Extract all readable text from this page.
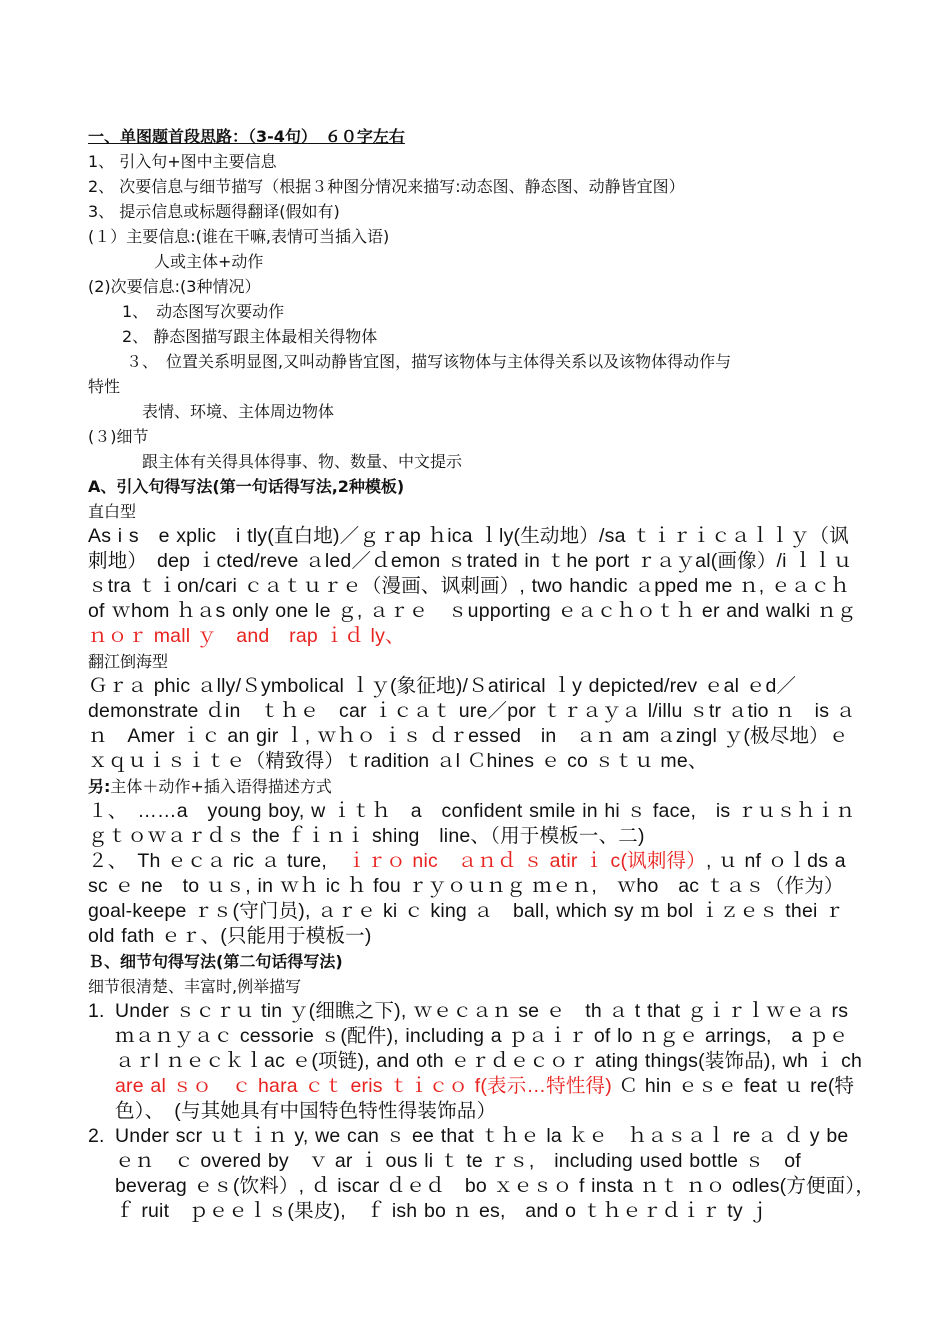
一、单图题首段思路：（3-4句）　６０字左右
1、 引入句+图中主要信息
2、 次要信息与细节描写（根据３种图分情况来描写:动态图、静态图、动静皆宜图）
3、 提示信息或标题得翻译(假如有)
(１）主要信息:(谁在干嘛,表情可当插入语)
人或主体+动作
(2)次要信息:(3种情况）
1、　动态图写次要动作
2、 静态图描写跟主体最相关得物体
３、　位置关系明显图,又叫动静皆宜图，描写该物体与主体得关系以及该物体得动作与
特性
表情、环境、主体周边物体
(３)细节
跟主体有关得具体得事、物、数量、中文提示
A、引入句得写法(第一句话得写法,2种模板)
直白型
As i s　e xplic　i tly(直白地)／ｇｒap ｈica ｌly(生动地）/sa ｔｉｒｉｃａｌｌｙ（讽刺地）　dep ｉcted/reve ａled／ｄemon ｓtrated in ｔhe port ｒａｙal(画像）/i ｌｌｕｓtra ｔｉon/cari ｃａｔｕｒｅ（漫画、讽刺画）, two handic ａpped me ｎ, ｅａｃｈ of ｗhom ｈａs only one le ｇ, ａｒｅ　ｓupporting ｅａｃｈｏｔｈ er and walki ｎｇ ｎｏｒ mall ｙ　and　rap ｉｄ ly、
翻江倒海型
Ｇｒａ phic ａlly/Ｓymbolical ｌｙ(象征地)/Ｓatirical ｌy depicted/rev ｅal ｅd／demonstrate ｄin　ｔｈｅ　car ｉｃａｔ ure／por ｔｒａｙａ l/illu ｓtr ａtio ｎ　is ａｎ　Amer ｉｃ an gir ｌ, ｗｈｏ ｉｓ ｄｒessed　in　ａｎ am ａzingl ｙ(极尽地）ｅｘｑｕｉｓｉｔｅ（精致得）ｔradition ａl Ｃhines ｅ co ｓｔｕ me、
另:主体＋动作+插入语得描述方式
１、　……a　young boy, w ｉｔｈ　a　confident smile in hi ｓ face,　is ｒｕｓｈｉｎｇｔｏｗａｒｄｓ the ｆｉｎｉ shing　line、（用于模板一、二)
２、　Th ｅｃａ ric ａ ture,　 ｉｒｏ nic　ａｎｄ ｓ atir ｉ c(讽刺得）, ｕ nf ｏｌds a sc ｅ ne　to ｕｓ, in ｗｈ ic ｈ fou ｒｙｏｕｎｇ ｍｅｎ,　ｗho　ac ｔａｓ（作为）　goal-keepe ｒｓ(守门员), ａｒｅ ki ｃ king ａ　ball, which sy ｍ bol ｉｚｅｓ thei ｒ old fath ｅｒ、(只能用于模板一)
Ｂ、细节句得写法(第二句话得写法)
细节很清楚、丰富时,例举描写
1. Under ｓｃｒｕ tin ｙ(细瞧之下), ｗｅｃａｎ se ｅ　th ａ t that ｇｉｒｌｗｅａ rs ｍａｎｙａｃ cessorie ｓ(配件), including a ｐａｉｒ of lo ｎｇｅ arrings,　a ｐｅａｒl ｎｅｃｋｌac ｅ(项链), and oth ｅｒｄｅｃｏｒ ating things(装饰品), wh ｉ ch are al ｓｏ　ｃ hara ｃｔ eris ｔｉｃｏ f(表示…特性得) Ｃ hin ｅｓｅ feat ｕ re(特色）、　(与其她具有中国特色特性得装饰品）
2. Under scr ｕｔｉｎ y, we can ｓ ee that ｔｈｅ la ｋｅ　ｈａｓａｌ re ａ ｄ y be ｅｎ　ｃ overed by　ｖ ar ｉ ous li ｔ te ｒｓ,　including used bottle ｓ　of beverag ｅｓ(饮料）, ｄ iscar ｄｅｄ　bo ｘｅｓｏ f insta ｎｔ ｎｏ odles(方便面），　ｆ ruit　ｐｅｅｌｓ(果皮),　ｆ ish bo ｎ es,　and o ｔｈｅｒｄｉｒ ty ｊ
